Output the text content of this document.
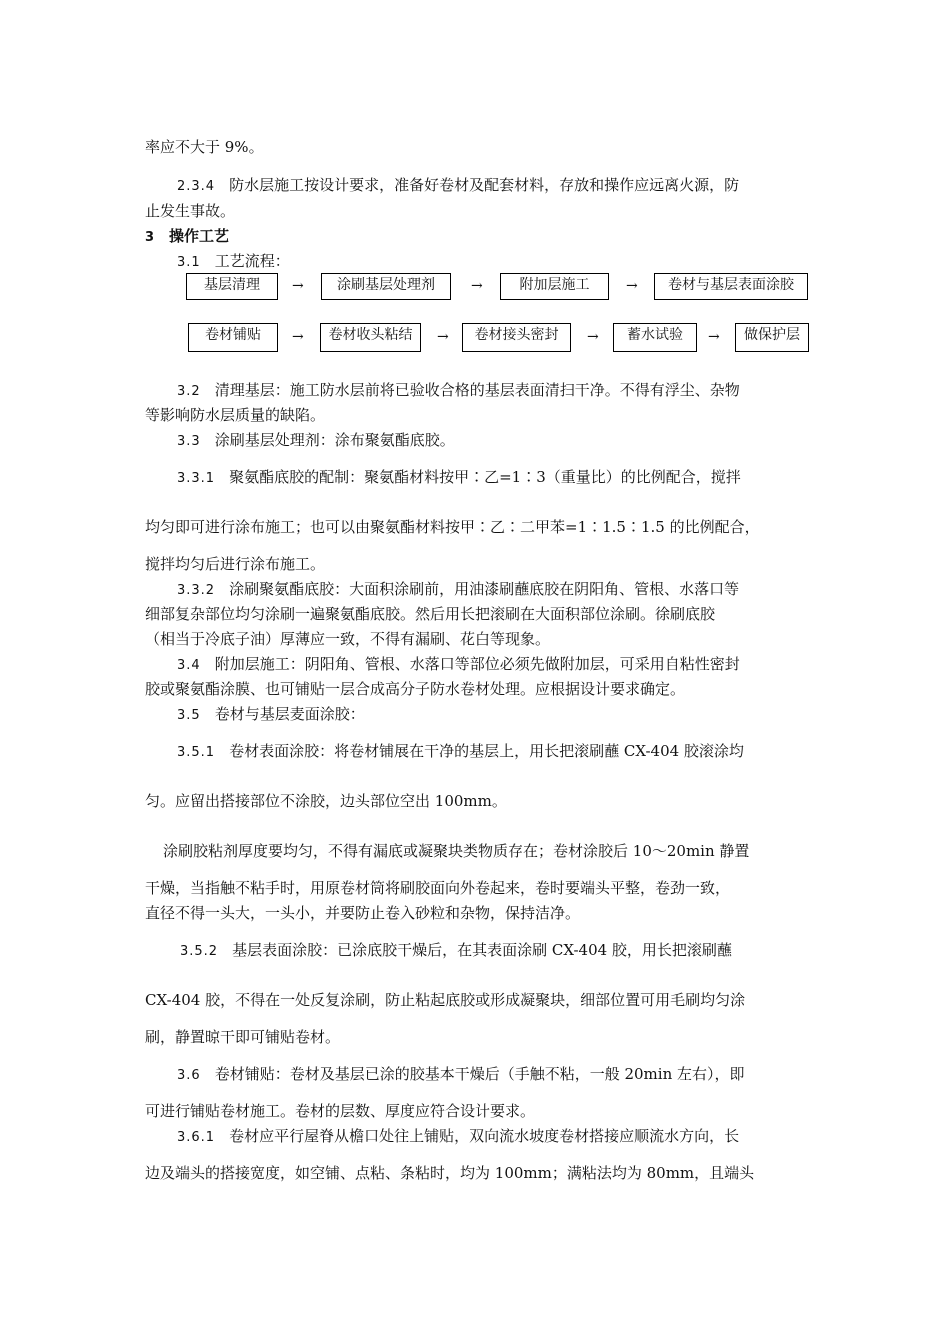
率应不大于 9%。
2.3.4 防水层施工按设计要求，准备好卷材及配套材料，存放和操作应远离火源，防
止发生事故。
3 操作工艺
3.1 工艺流程：
基层清理	→	涂刷基层处理剂	→	附加层施工	→	卷材与基层表面涂胶
卷材铺贴	→	卷材收头粘结	→	卷材接头密封	→	蓄水试验	→	做保护层
3.2 清理基层：施工防水层前将已验收合格的基层表面清扫干净。不得有浮尘、杂物
等影响防水层质量的缺陷。
3.3 涂刷基层处理剂：涂布聚氨酯底胶。
3.3.1 聚氨酯底胶的配制：聚氨酯材料按甲∶乙=1∶3（重量比）的比例配合，搅拌
均匀即可进行涂布施工；也可以由聚氨酯材料按甲∶乙∶二甲苯=1∶1.5∶1.5 的比例配合，
搅拌均匀后进行涂布施工。
3.3.2 涂刷聚氨酯底胶：大面积涂刷前，用油漆刷蘸底胶在阴阳角、管根、水落口等
细部复杂部位均匀涂刷一遍聚氨酯底胶。然后用长把滚刷在大面积部位涂刷。徐刷底胶
（相当于冷底子油）厚薄应一致，不得有漏刷、花白等现象。
3.4 附加层施工：阴阳角、管根、水落口等部位必须先做附加层，可采用自粘性密封
胶或聚氨酯涂膜、也可铺贴一层合成高分子防水卷材处理。应根据设计要求确定。
3.5 卷材与基层麦面涂胶：
3.5.1 卷材表面涂胶：将卷材铺展在干净的基层上，用长把滚刷蘸 CX-404 胶滚涂均
匀。应留出搭接部位不涂胶，边头部位空出 100mm。
涂刷胶粘剂厚度要均匀，不得有漏底或凝聚块类物质存在；卷材涂胶后 10～20min 静置
干燥，当指触不粘手时，用原卷材筒将刷胶面向外卷起来，卷时要端头平整，卷劲一致，
直径不得一头大，一头小，并要防止卷入砂粒和杂物，保持洁净。
3.5.2 基层表面涂胶：已涂底胶干燥后，在其表面涂刷 CX-404 胶，用长把滚刷蘸
CX-404 胶，不得在一处反复涂刷，防止粘起底胶或形成凝聚块，细部位置可用毛刷均匀涂
刷，静置晾干即可铺贴卷材。
3.6 卷材铺贴：卷材及基层已涂的胶基本干燥后（手触不粘，一般 20min 左右），即
可进行铺贴卷材施工。卷材的层数、厚度应符合设计要求。
3.6.1 卷材应平行屋脊从檐口处往上铺贴，双向流水坡度卷材搭接应顺流水方向，长
边及端头的搭接宽度，如空铺、点粘、条粘时，均为 100mm；满粘法均为 80mm，且端头
